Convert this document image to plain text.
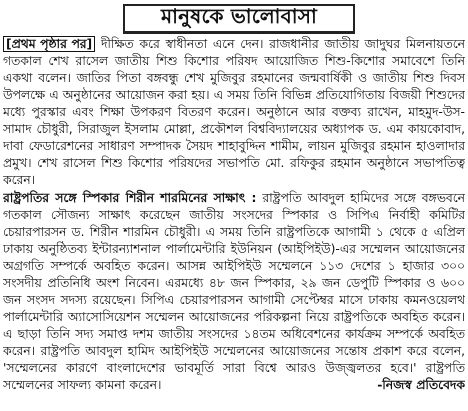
মানুষকে ভালোবাসা

[প্রথম পৃষ্ঠার পর] দীক্ষিত করে স্বাধীনতা এনে দেন। রাজধানীর জাতীয় জাদুঘর মিলনায়তনে গতকাল শেখ রাসেল জাতীয় শিশু কিশোর পরিষদ আয়োজিত শিশু-কিশোর সমাবেশে তিনি একথা বলেন। জাতির পিতা বঙ্গবন্ধু শেখ মুজিবুর রহমানের জন্মবার্ষিকী ও জাতীয় শিশু দিবস উপলক্ষে এ অনুষ্ঠানের আয়োজন করা হয়। এ সময় তিনি বিভিন্ন প্রতিযোগিতায় বিজয়ী শিশুদের মধ্যে পুরস্কার এবং শিক্ষা উপকরণ বিতরণ করেন। অনুষ্ঠানে আর বক্তব্য রাখেন, মাহমুদ-উস-সামাদ চৌধুরী, সিরাজুল ইসলাম মোল্লা, প্রকৌশল বিশ্ববিদ্যালয়ের অধ্যাপক ড. এম কায়কোবাদ, দাবা ফেডারেশনের সাধারণ সম্পাদক সৈয়দ শাহাবুদ্দিন শামীম, লায়ন মুজিবুর রহমান হাওলাদার প্রমুখ। শেখ রাসেল শিশু কিশোর পরিষদের সভাপতি মো. রফিকুর রহমান অনুষ্ঠানে সভাপতিত্ব করেন।

রাষ্ট্রপতির সঙ্গে স্পিকার শিরীন শারমিনের সাক্ষাৎ : রাষ্ট্রপতি আবদুল হামিদের সঙ্গে বঙ্গভবনে গতকাল সৌজন্য সাক্ষাৎ করেছেন জাতীয় সংসদের স্পিকার ও সিপিএ নির্বাহী কমিটির চেয়ারপারসন ড. শিরীন শারমিন চৌধুরী। এ সময় তিনি রাষ্ট্রপতিকে আগামী ১ থেকে ৫ এপ্রিল ঢাকায় অনুষ্ঠিতব্য ইন্টারন্যাশনাল পার্লামেন্টারি ইউনিয়ন (আইপিইউ)-এর সম্মেলন আয়োজনের অগ্রগতি সম্পর্কে অবহিত করেন। আসন্ন আইপিইউ সম্মেলনে ১১৩ দেশের ১ হাজার ৩০০ সংসদীয় প্রতিনিধি অংশ নিবেন। এরমধ্যে ৪৮ জন স্পিকার, ২৯ জন ডেপুটি স্পিকার ও ৬০০ জন সংসদ সদস্য রয়েছেন। সিপিএ চেয়ারপারসন আগামী সেপ্টেম্বর মাসে ঢাকায় কমনওয়েলথ পার্লামেন্টারি অ্যাসোসিয়েশন সম্মেলন আয়োজনের পরিকল্পনা নিয়ে রাষ্ট্রপতিকে অবহিত করেন। এ ছাড়া তিনি সদ্য সমাপ্ত দশম জাতীয় সংসদের ১৪তম অধিবেশনের কার্যক্রম সম্পর্কে অবহিত করেন। রাষ্ট্রপতি আবদুল হামিদ আইপিইউ সম্মেলনের আয়োজনের সন্তোষ প্রকাশ করে বলেন, 'সম্মেলনের কারণে বাংলাদেশের ভাবমূর্তি সারা বিশ্বে আরও উজ্জ্বলতর হবে।' রাষ্ট্রপতি সম্মেলনের সাফল্য কামনা করেন।	-নিজস্ব প্রতিবেদক
